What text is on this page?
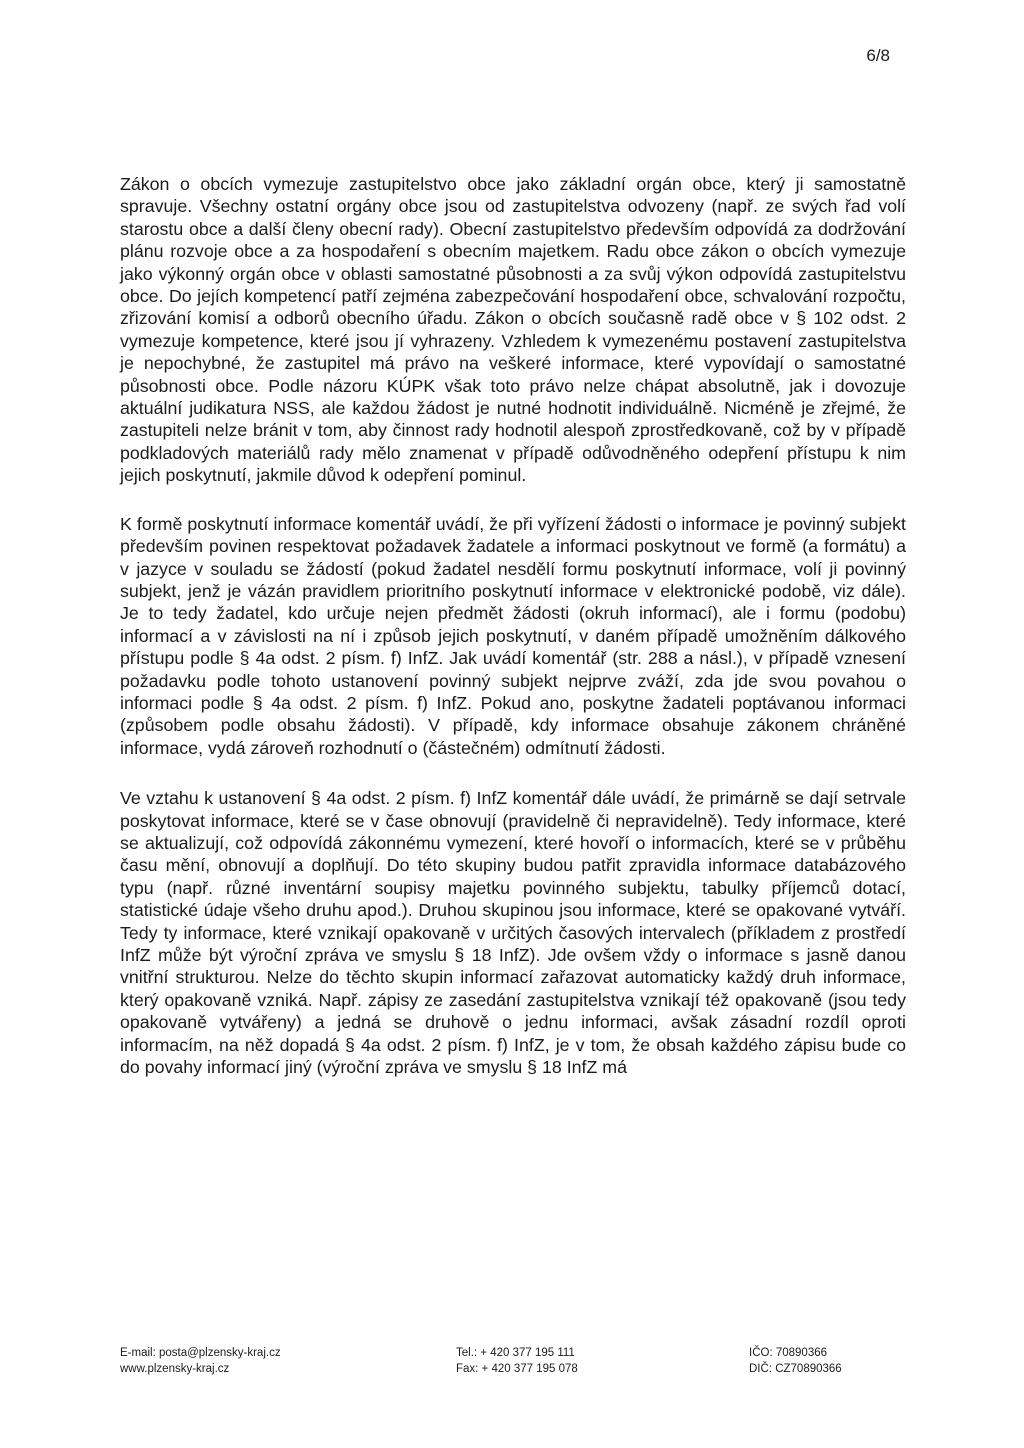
6/8

Zákon o obcích vymezuje zastupitelstvo obce jako základní orgán obce, který ji samostatně spravuje. Všechny ostatní orgány obce jsou od zastupitelstva odvozeny (např. ze svých řad volí starostu obce a další členy obecní rady). Obecní zastupitelstvo především odpovídá za dodržování plánu rozvoje obce a za hospodaření s obecním majetkem. Radu obce zákon o obcích vymezuje jako výkonný orgán obce v oblasti samostatné působnosti a za svůj výkon odpovídá zastupitelstvu obce. Do jejích kompetencí patří zejména zabezpečování hospodaření obce, schvalování rozpočtu, zřizování komisí a odborů obecního úřadu. Zákon o obcích současně radě obce v § 102 odst. 2 vymezuje kompetence, které jsou jí vyhrazeny. Vzhledem k vymezenému postavení zastupitelstva je nepochybné, že zastupitel má právo na veškeré informace, které vypovídají o samostatné působnosti obce. Podle názoru KÚPK však toto právo nelze chápat absolutně, jak i dovozuje aktuální judikatura NSS, ale každou žádost je nutné hodnotit individuálně. Nicméně je zřejmé, že zastupiteli nelze bránit v tom, aby činnost rady hodnotil alespoň zprostředkovaně, což by v případě podkladových materiálů rady mělo znamenat v případě odůvodněného odepření přístupu k nim jejich poskytnutí, jakmile důvod k odepření pominul.

K formě poskytnutí informace komentář uvádí, že při vyřízení žádosti o informace je povinný subjekt především povinen respektovat požadavek žadatele a informaci poskytnout ve formě (a formátu) a v jazyce v souladu se žádostí (pokud žadatel nesdělí formu poskytnutí informace, volí ji povinný subjekt, jenž je vázán pravidlem prioritního poskytnutí informace v elektronické podobě, viz dále). Je to tedy žadatel, kdo určuje nejen předmět žádosti (okruh informací), ale i formu (podobu) informací a v závislosti na ní i způsob jejich poskytnutí, v daném případě umožněním dálkového přístupu podle § 4a odst. 2 písm. f) InfZ. Jak uvádí komentář (str. 288 a násl.), v případě vznesení požadavku podle tohoto ustanovení povinný subjekt nejprve zváží, zda jde svou povahou o informaci podle § 4a odst. 2 písm. f) InfZ. Pokud ano, poskytne žadateli poptávanou informaci (způsobem podle obsahu žádosti). V případě, kdy informace obsahuje zákonem chráněné informace, vydá zároveň rozhodnutí o (částečném) odmítnutí žádosti.

Ve vztahu k ustanovení § 4a odst. 2 písm. f) InfZ komentář dále uvádí, že primárně se dají setrvale poskytovat informace, které se v čase obnovují (pravidelně či nepravidelně). Tedy informace, které se aktualizují, což odpovídá zákonnému vymezení, které hovoří o informacích, které se v průběhu času mění, obnovují a doplňují. Do této skupiny budou patřit zpravidla informace databázového typu (např. různé inventární soupisy majetku povinného subjektu, tabulky příjemců dotací, statistické údaje všeho druhu apod.). Druhou skupinou jsou informace, které se opakované vytváří. Tedy ty informace, které vznikají opakovaně v určitých časových intervalech (příkladem z prostředí InfZ může být výroční zpráva ve smyslu § 18 InfZ). Jde ovšem vždy o informace s jasně danou vnitřní strukturou. Nelze do těchto skupin informací zařazovat automaticky každý druh informace, který opakovaně vzniká. Např. zápisy ze zasedání zastupitelstva vznikají též opakovaně (jsou tedy opakovaně vytvářeny) a jedná se druhově o jednu informaci, avšak zásadní rozdíl oproti informacím, na něž dopadá § 4a odst. 2 písm. f) InfZ, je v tom, že obsah každého zápisu bude co do povahy informací jiný (výroční zpráva ve smyslu § 18 InfZ má

E-mail: posta@plzensky-kraj.cz
www.plzensky-kraj.cz
Tel.: + 420 377 195 111
Fax: + 420 377 195 078
IČO: 70890366
DIČ: CZ70890366
